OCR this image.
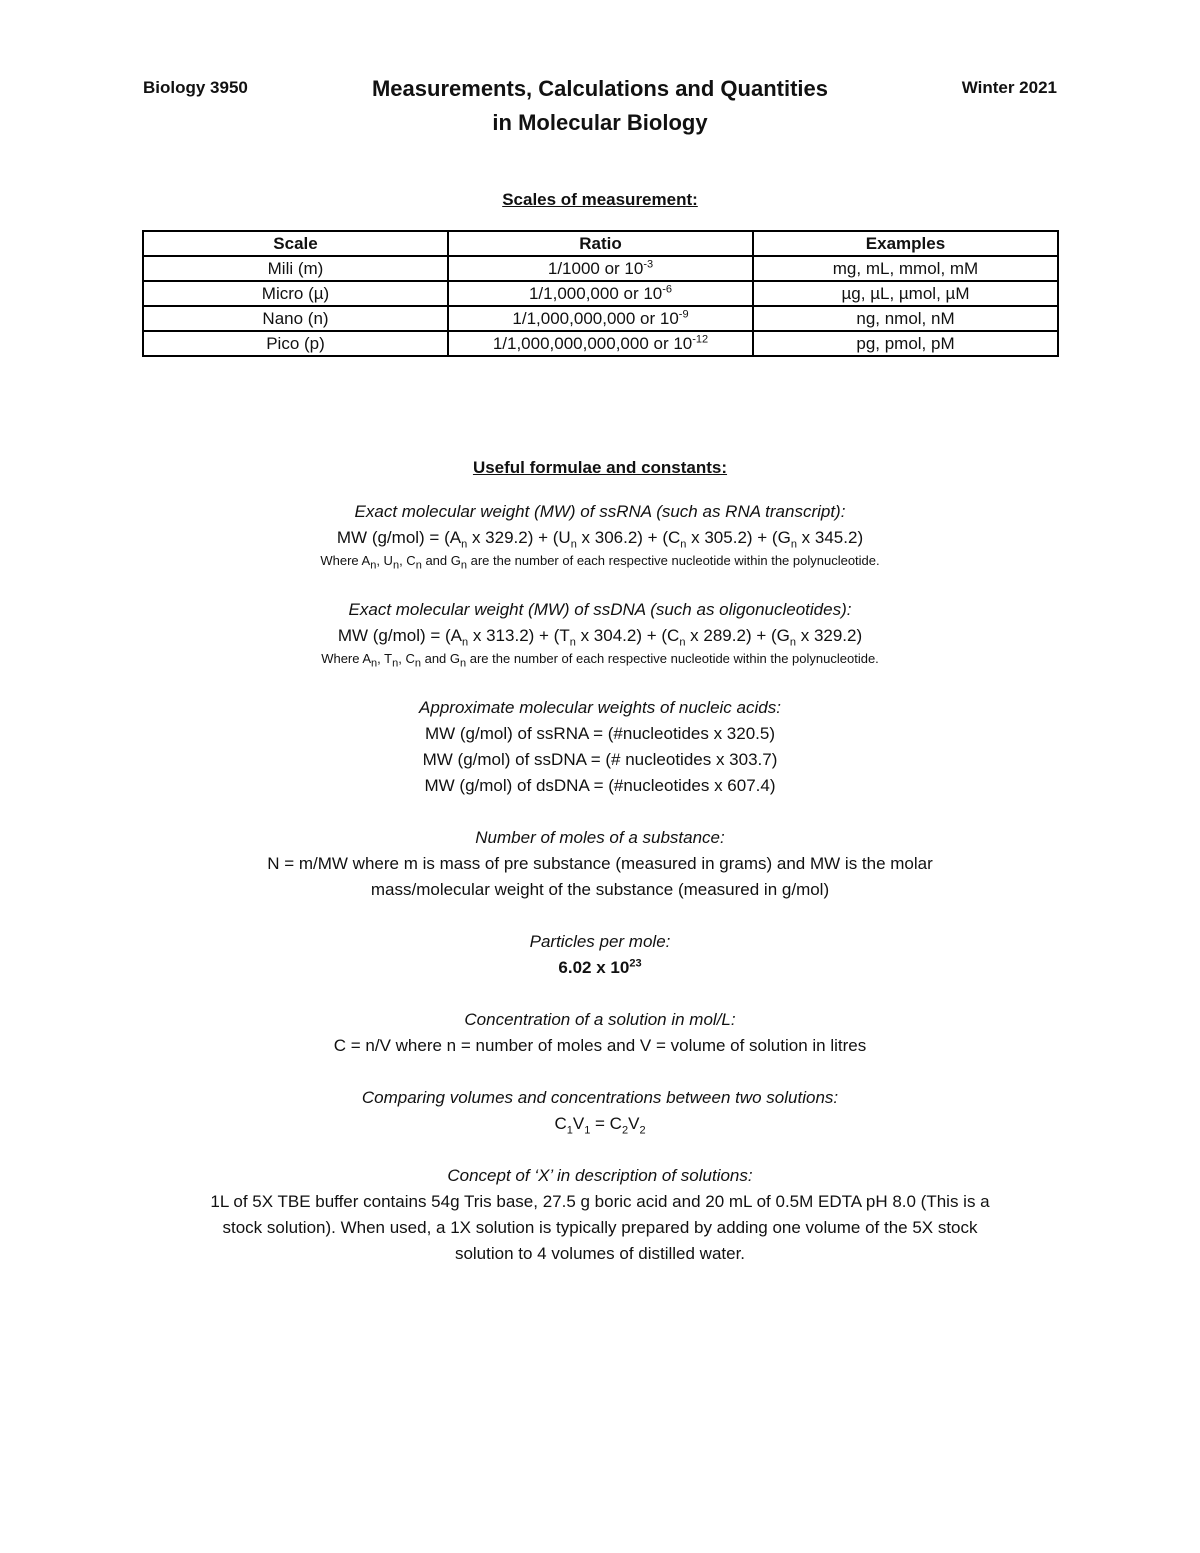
Biology 3950	Winter 2021
Measurements, Calculations and Quantities
in Molecular Biology
Scales of measurement:
Scale	Ratio	Examples
Mili (m)	1/1000 or $10^{-3}$	mg, mL, mmol, mM
Micro (µ)	1/1,000,000 or $10^{-6}$	µg, µL, µmol, µM
Nano (n)	1/1,000,000,000 or $10^{-9}$	ng, nmol, nM
Pico (p)	1/1,000,000,000,000 or $10^{-12}$	pg, pmol, pM
Useful formulae and constants:
Exact molecular weight (MW) of ssRNA (such as RNA transcript):
MW $(g/mol) = (A_n$ x $329.2) + (U_n$ x $306.2) + (C_n$ x $305.2) + (G_n$ x 345.2)
Where $A_n$, $U_n$, $C_n$ and $G_n$ are the number of each respective nucleotide within the polynucleotide.
Exact molecular weight (MW) of ssDNA (such as oligonucleotides):
MW $(g/mol) = (A_n$ x $313.2) + (T_n$ x $304.2) + (C_n$ x $289.2) + (G_n$ x 329.2)
Where $A_n$, $T_n$, $C_n$ and $G_n$ are the number of each respective nucleotide within the polynucleotide.
Approximate molecular weights of nucleic acids:
MW (g/mol) of ssRNA = (#nucleotides x 320.5)
MW (g/mol) of ssDNA = (# nucleotides x 303.7)
MW (g/mol) of dsDNA = (#nucleotides x 607.4)
Number of moles of a substance:
N = m/MW where m is mass of pre substance (measured in grams) and MW is the molar
mass/molecular weight of the substance (measured in g/mol)
Particles per mole:
6.02 x $10^{23}$
Concentration of a solution in mol/L:
C = n/V where n = number of moles and V = volume of solution in litres
Comparing volumes and concentrations between two solutions:
$C_1V_1 = C_2V_2$
Concept of ‘X’ in description of solutions:
1L of 5X TBE buffer contains 54g Tris base, 27.5 g boric acid and 20 mL of 0.5M EDTA pH 8.0 (This is a
stock solution). When used, a 1X solution is typically prepared by adding one volume of the 5X stock
solution to 4 volumes of distilled water.
